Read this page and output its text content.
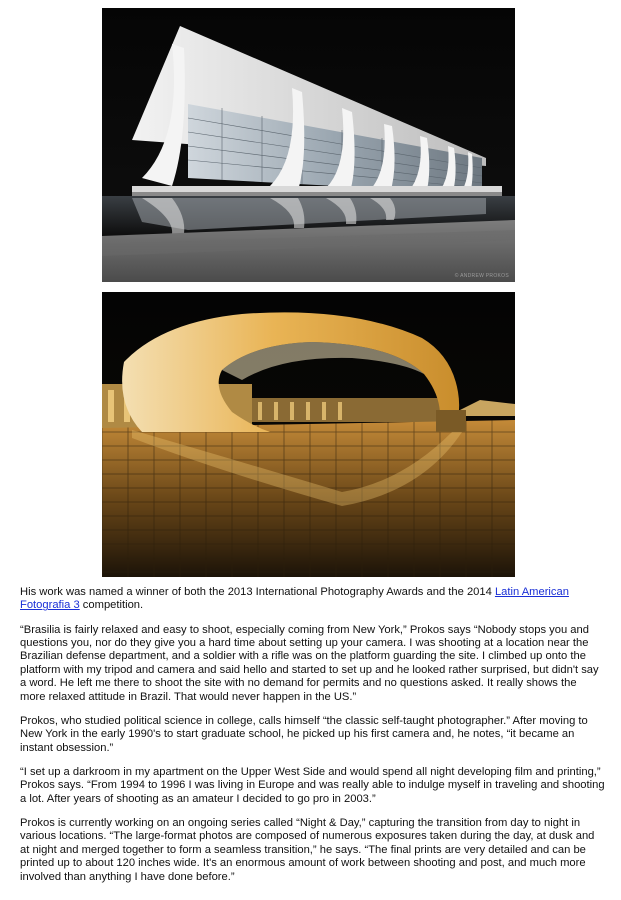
© ANDREW PROKOS

His work was named a winner of both the 2013 International Photography Awards and the 2014 Latin American Fotografia 3 competition.

“Brasilia is fairly relaxed and easy to shoot, especially coming from New York,” Prokos says “Nobody stops you and questions you, nor do they give you a hard time about setting up your camera. I was shooting at a location near the Brazilian defense department, and a soldier with a rifle was on the platform guarding the site. I climbed up onto the platform with my tripod and camera and said hello and started to set up and he looked rather surprised, but didn't say a word. He left me there to shoot the site with no demand for permits and no questions asked. It really shows the more relaxed attitude in Brazil. That would never happen in the US.”

Prokos, who studied political science in college, calls himself “the classic self-taught photographer.” After moving to New York in the early 1990's to start graduate school, he picked up his first camera and, he notes, “it became an instant obsession.”

“I set up a darkroom in my apartment on the Upper West Side and would spend all night developing film and printing,” Prokos says. “From 1994 to 1996 I was living in Europe and was really able to indulge myself in traveling and shooting a lot. After years of shooting as an amateur I decided to go pro in 2003.”

Prokos is currently working on an ongoing series called “Night & Day,” capturing the transition from day to night in various locations. “The large-format photos are composed of numerous exposures taken during the day, at dusk and at night and merged together to form a seamless transition,” he says. “The final prints are very detailed and can be printed up to about 120 inches wide. It's an enormous amount of work between shooting and post, and much more involved than anything I have done before.”
